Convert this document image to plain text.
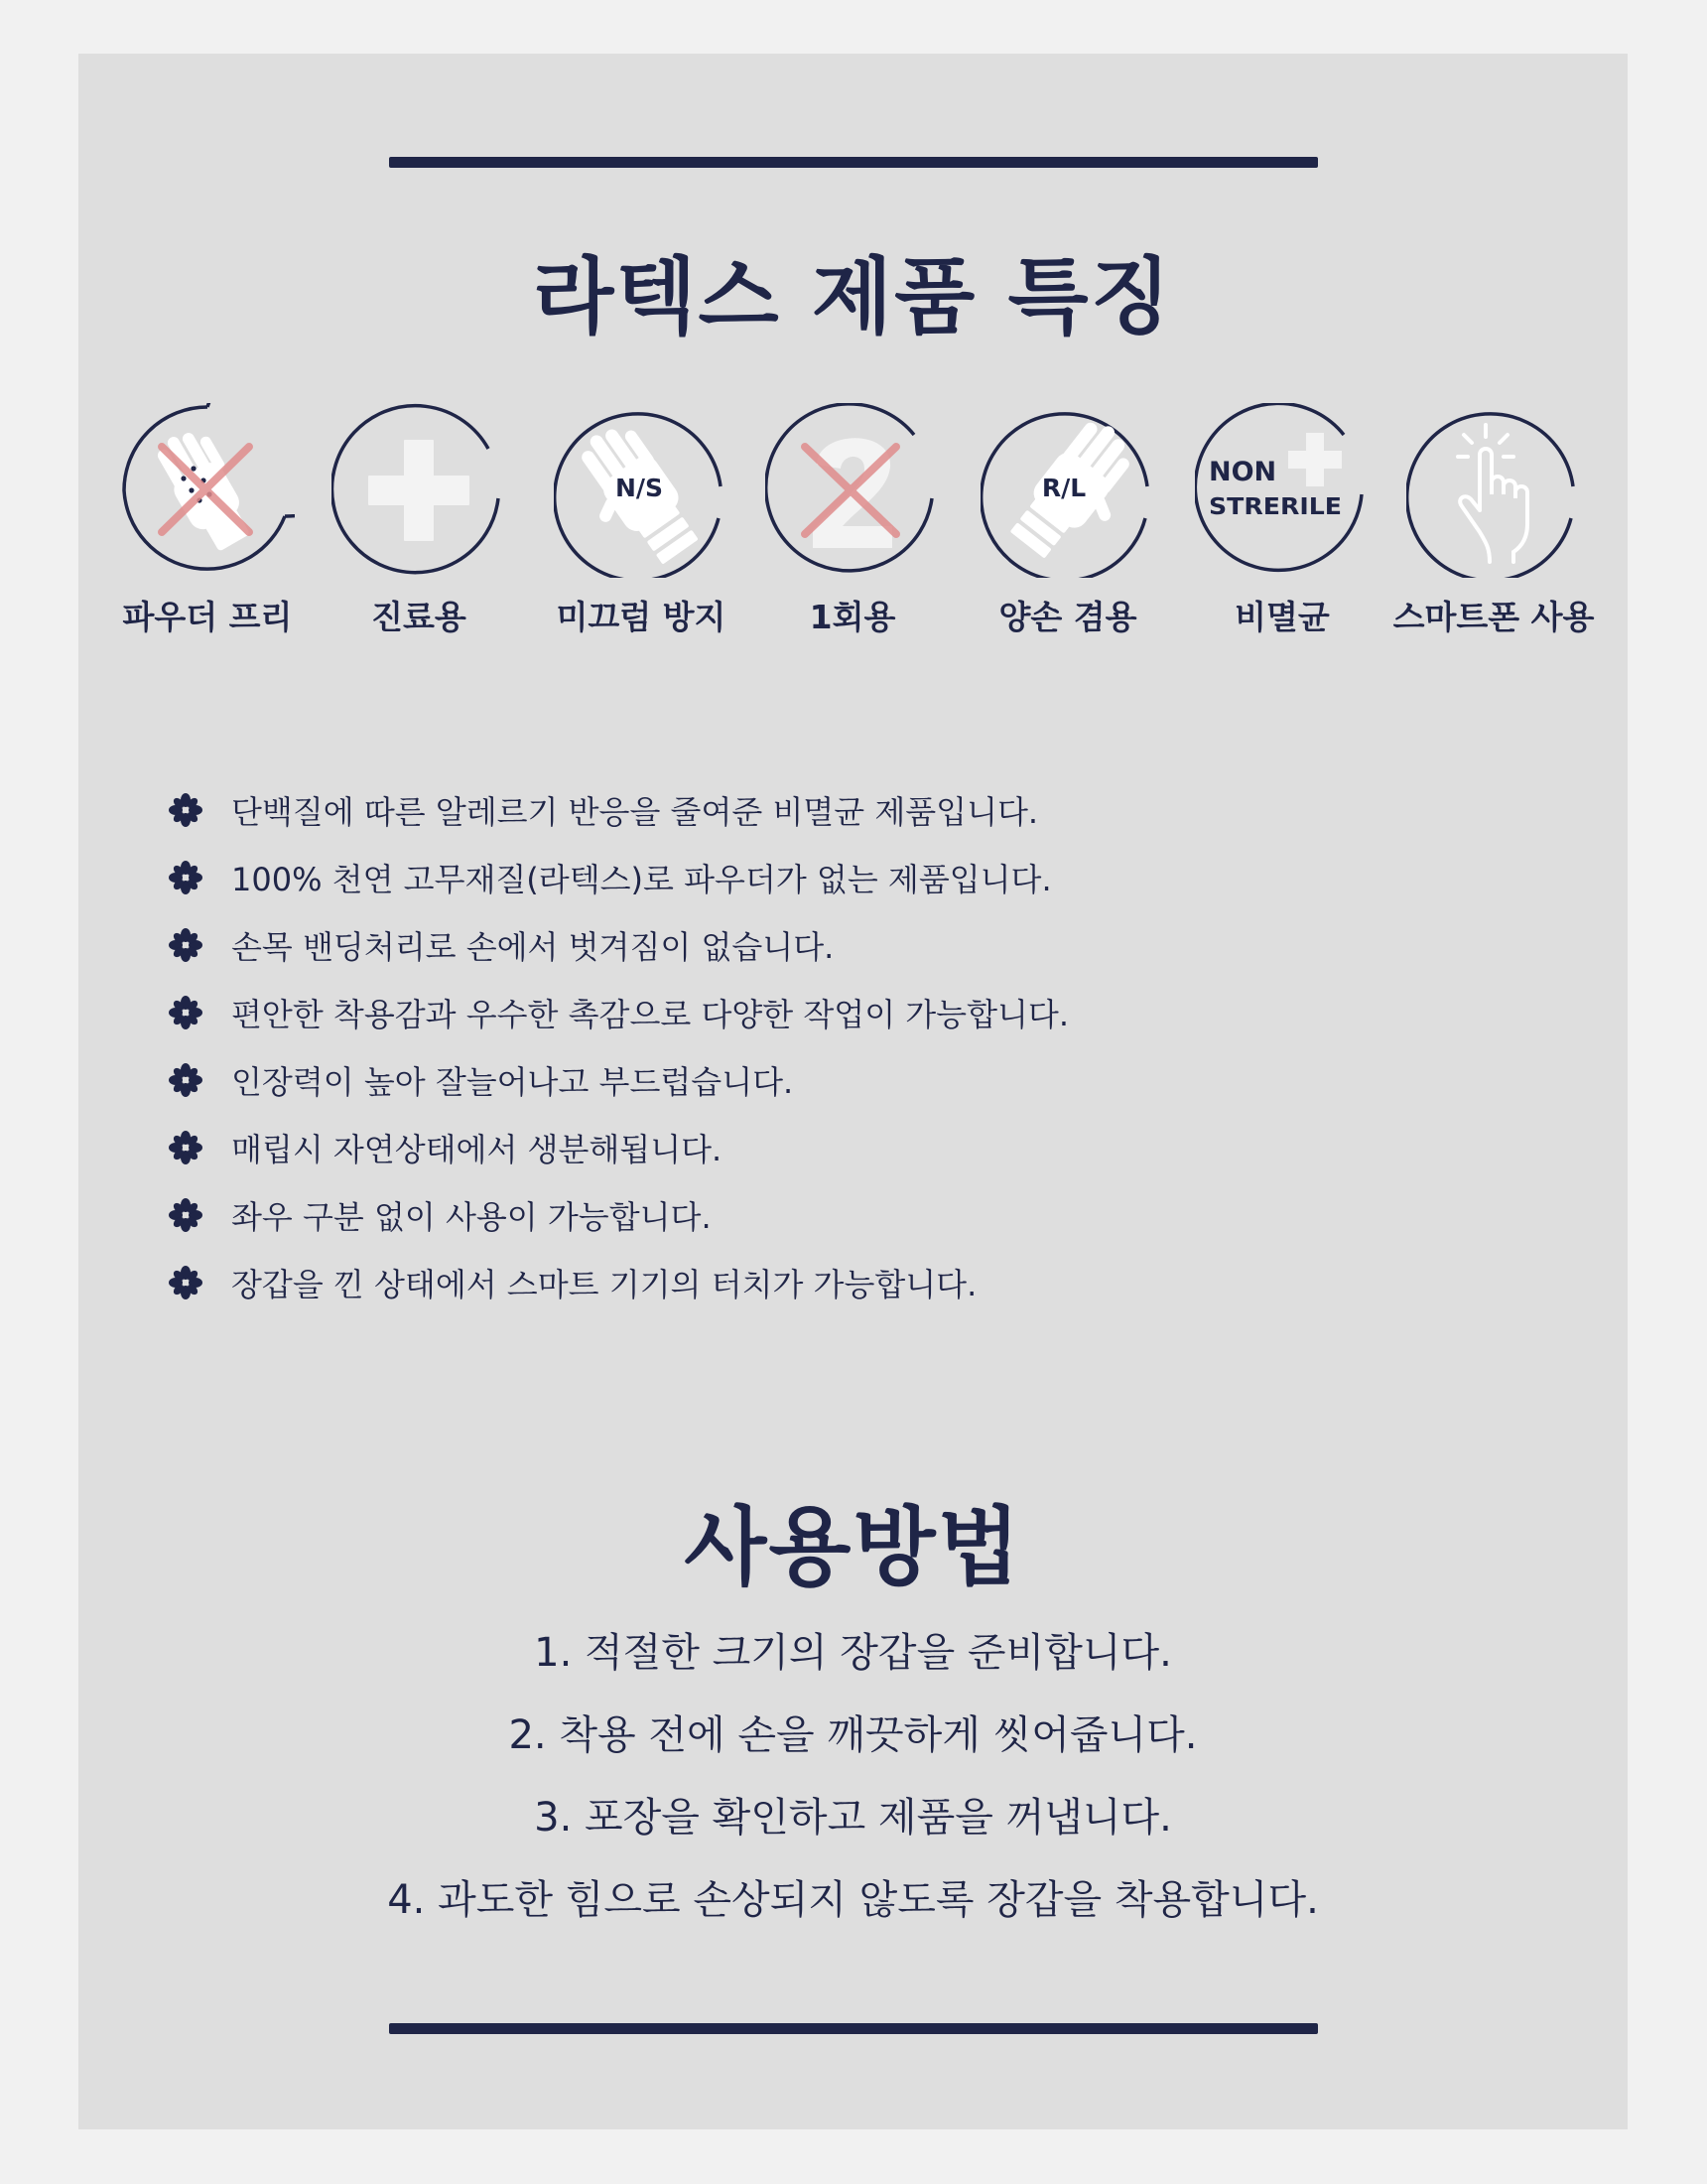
라텍스 제품 특징
파우더 프리 진료용
N/S
미끄럼 방지	1회용
R/L
양손 겸용
NON
STRERILE
비멸균 스마트폰 사용
단백질에 따른 알레르기 반응을 줄여준 비멸균 제품입니다.
100% 천연 고무재질(라텍스)로 파우더가 없는 제품입니다.
손목 밴딩처리로 손에서 벗겨짐이 없습니다.
편안한 착용감과 우수한 촉감으로 다양한 작업이 가능합니다.
인장력이 높아 잘늘어나고 부드럽습니다.
매립시 자연상태에서 생분해됩니다.
좌우 구분 없이 사용이 가능합니다.
장갑을 낀 상태에서 스마트 기기의 터치가 가능합니다.
사용방법
1. 적절한 크기의 장갑을 준비합니다.
2. 착용 전에 손을 깨끗하게 씻어줍니다.
3. 포장을 확인하고 제품을 꺼냅니다.
4. 과도한 힘으로 손상되지 않도록 장갑을 착용합니다.
